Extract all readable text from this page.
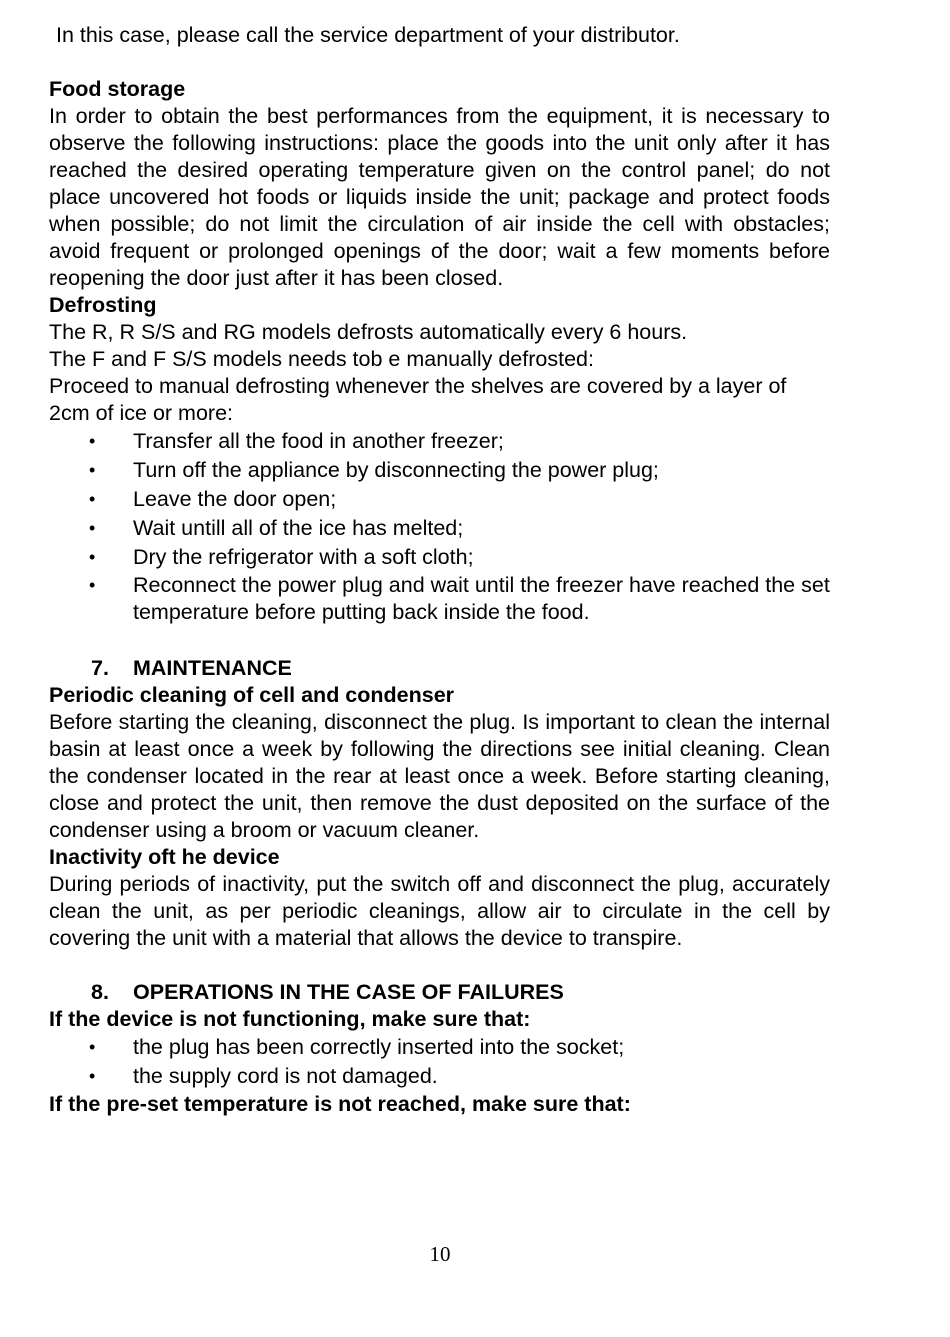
In this case, please call the service department of your distributor.

Food storage

In order to obtain the best performances from the equipment, it is necessary to observe the following instructions: place the goods into the unit only after it has reached the desired operating temperature given on the control panel; do not place uncovered hot foods or liquids inside the unit; package and protect foods when possible; do not limit the circulation of air inside the cell with obstacles; avoid frequent or prolonged openings of the door; wait a few moments before reopening the door just after it has been closed.

Defrosting

The R, R S/S and RG models defrosts automatically every 6 hours.

The F and F S/S models needs tob e manually defrosted:

Proceed to manual defrosting whenever the shelves are covered by a layer of 2cm of ice or more:

• Transfer all the food in another freezer;
• Turn off the appliance by disconnecting the power plug;
• Leave the door open;
• Wait untill all of the ice has melted;
• Dry the refrigerator with a soft cloth;
• Reconnect the power plug and wait until the freezer have reached the set temperature before putting back inside the food.

7. MAINTENANCE

Periodic cleaning of cell and condenser

Before starting the cleaning, disconnect the plug. Is important to clean the internal basin at least once a week by following the directions see initial cleaning. Clean the condenser located in the rear at least once a week. Before starting cleaning, close and protect the unit, then remove the dust deposited on the surface of the condenser using a broom or vacuum cleaner.

Inactivity oft he device

During periods of inactivity, put the switch off and disconnect the plug, accurately clean the unit, as per periodic cleanings, allow air to circulate in the cell by covering the unit with a material that allows the device to transpire.

8. OPERATIONS IN THE CASE OF FAILURES

If the device is not functioning, make sure that:

• the plug has been correctly inserted into the socket;
• the supply cord is not damaged.

If the pre-set temperature is not reached, make sure that:

10
